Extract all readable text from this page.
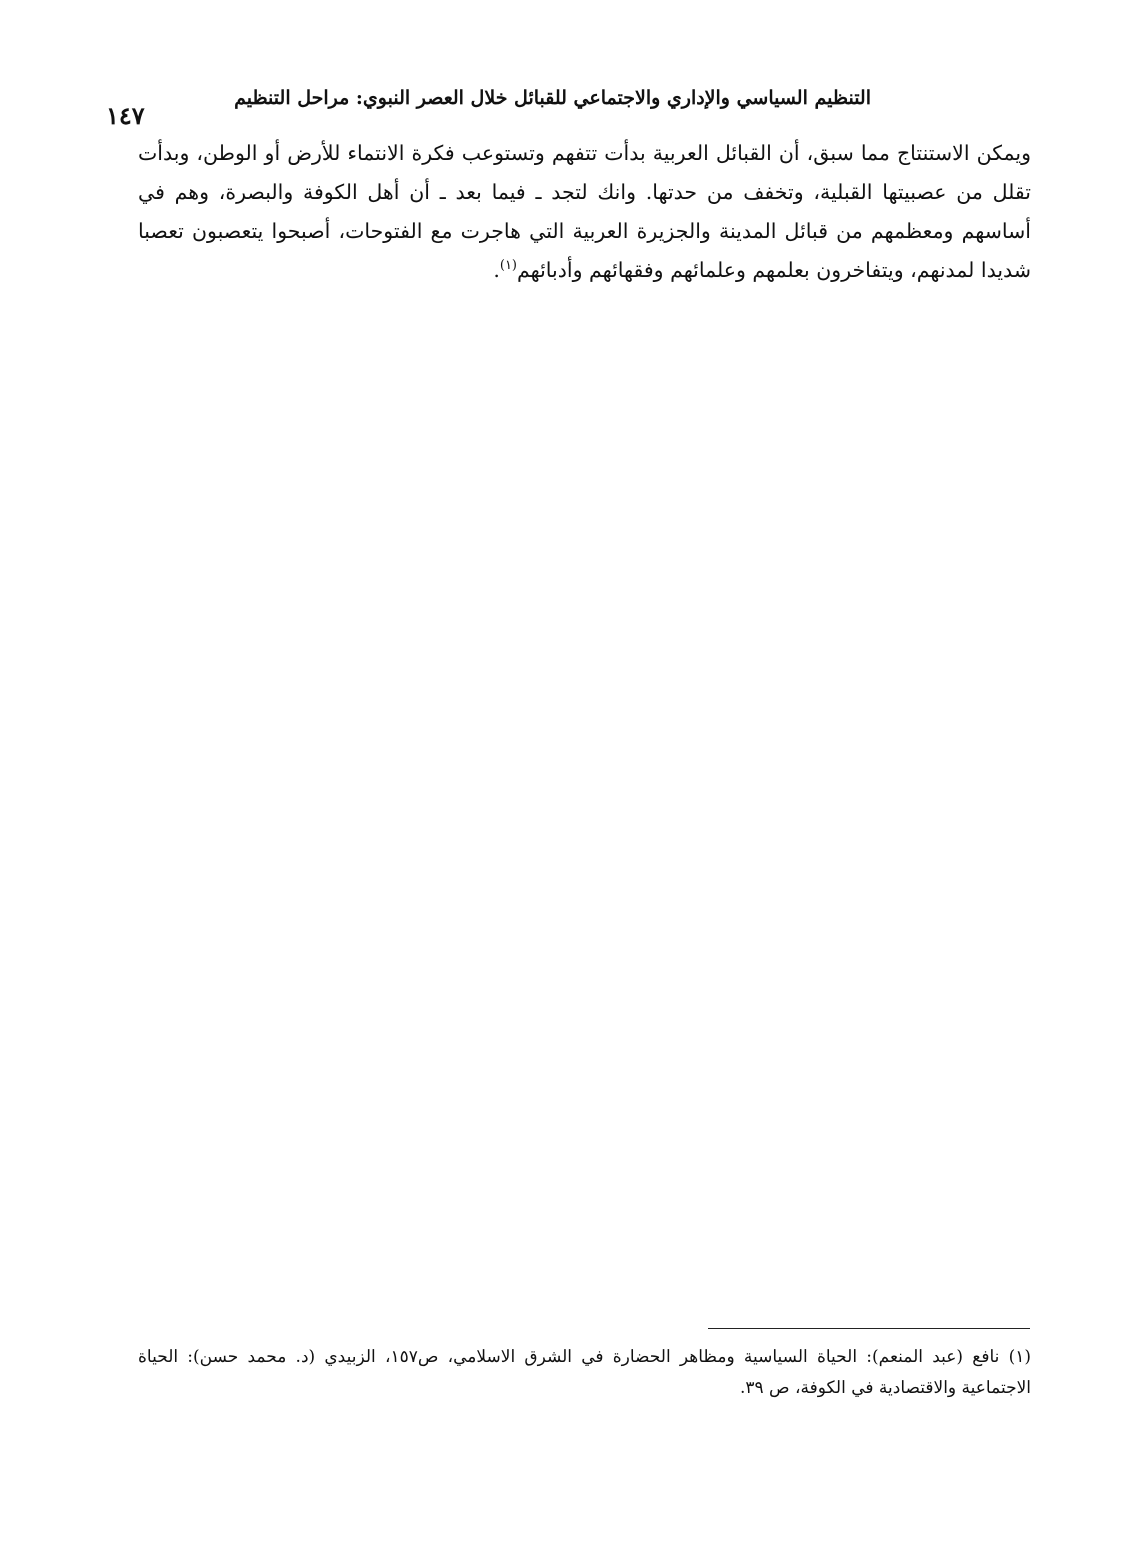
التنظيم السياسي والإداري والاجتماعي للقبائل خلال العصر النبوي: مراحل التنظيم
١٤٧

ويمكن الاستنتاج مما سبق، أن القبائل العربية بدأت تتفهم وتستوعب فكرة الانتماء للأرض أو الوطن، وبدأت تقلل من عصبيتها القبلية، وتخفف من حدتها. وانك لتجد ـ فيما بعد ـ أن أهل الكوفة والبصرة، وهم في أساسهم ومعظمهم من قبائل المدينة والجزيرة العربية التي هاجرت مع الفتوحات، أصبحوا يتعصبون تعصبا شديدا لمدنهم، ويتفاخرون بعلمهم وعلمائهم وفقهائهم وأدبائهم$^{(١)}$.

(١) نافع (عبد المنعم): الحياة السياسية ومظاهر الحضارة في الشرق الاسلامي، ص١٥٧، الزبيدي (د. محمد حسن): الحياة الاجتماعية والاقتصادية في الكوفة، ص ٣٩.
